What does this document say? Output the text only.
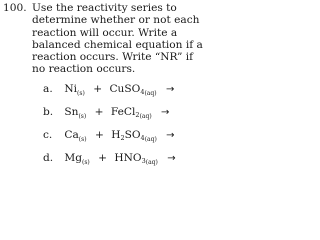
100. Use the reactivity series to
determine whether or not each
reaction will occur. Write a
balanced chemical equation if a
reaction occurs. Write “NR” if
no reaction occurs.
a. $Ni_{(s)}$ + CuSO$_{4(aq)}$ →
b. $Sn_{(s)}$ + FeCl$_{2(aq)}$ →
c. $Ca_{(s)} + H_2SO_{4(aq)}$ →
d. $Mg_{(s)} + HNO_{3(aq)}$ →
